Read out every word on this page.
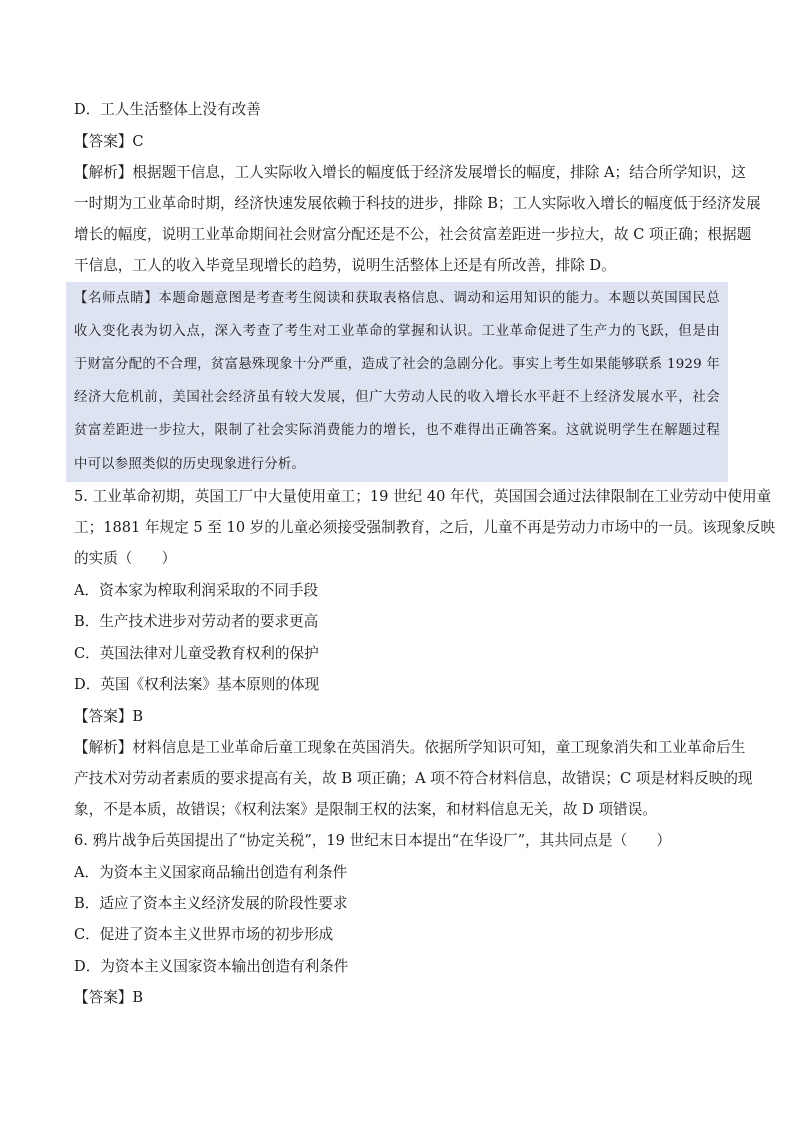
D．工人生活整体上没有改善
【答案】C
【解析】根据题干信息，工人实际收入增长的幅度低于经济发展增长的幅度，排除 A；结合所学知识，这
一时期为工业革命时期，经济快速发展依赖于科技的进步，排除 B；工人实际收入增长的幅度低于经济发展
增长的幅度，说明工业革命期间社会财富分配还是不公，社会贫富差距进一步拉大，故 C 项正确；根据题
干信息，工人的收入毕竟呈现增长的趋势，说明生活整体上还是有所改善，排除 D。
【名师点睛】本题命题意图是考查考生阅读和获取表格信息、调动和运用知识的能力。本题以英国国民总
收入变化表为切入点，深入考查了考生对工业革命的掌握和认识。工业革命促进了生产力的飞跃，但是由
于财富分配的不合理，贫富悬殊现象十分严重，造成了社会的急剧分化。事实上考生如果能够联系 1929 年
经济大危机前，美国社会经济虽有较大发展，但广大劳动人民的收入增长水平赶不上经济发展水平，社会
贫富差距进一步拉大，限制了社会实际消费能力的增长，也不难得出正确答案。这就说明学生在解题过程
中可以参照类似的历史现象进行分析。
5. 工业革命初期，英国工厂中大量使用童工；19 世纪 40 年代，英国国会通过法律限制在工业劳动中使用童
工；1881 年规定 5 至 10 岁的儿童必须接受强制教育，之后，儿童不再是劳动力市场中的一员。该现象反映
的实质（　　）
A．资本家为榨取利润采取的不同手段
B．生产技术进步对劳动者的要求更高
C．英国法律对儿童受教育权利的保护
D．英国《权利法案》基本原则的体现
【答案】B
【解析】材料信息是工业革命后童工现象在英国消失。依据所学知识可知，童工现象消失和工业革命后生
产技术对劳动者素质的要求提高有关，故 B 项正确；A 项不符合材料信息，故错误；C 项是材料反映的现
象，不是本质，故错误；《权利法案》是限制王权的法案，和材料信息无关，故 D 项错误。
6. 鸦片战争后英国提出了“协定关税”，19 世纪末日本提出“在华设厂”，其共同点是（　　）
A．为资本主义国家商品输出创造有利条件
B．适应了资本主义经济发展的阶段性要求
C．促进了资本主义世界市场的初步形成
D．为资本主义国家资本输出创造有利条件
【答案】B
